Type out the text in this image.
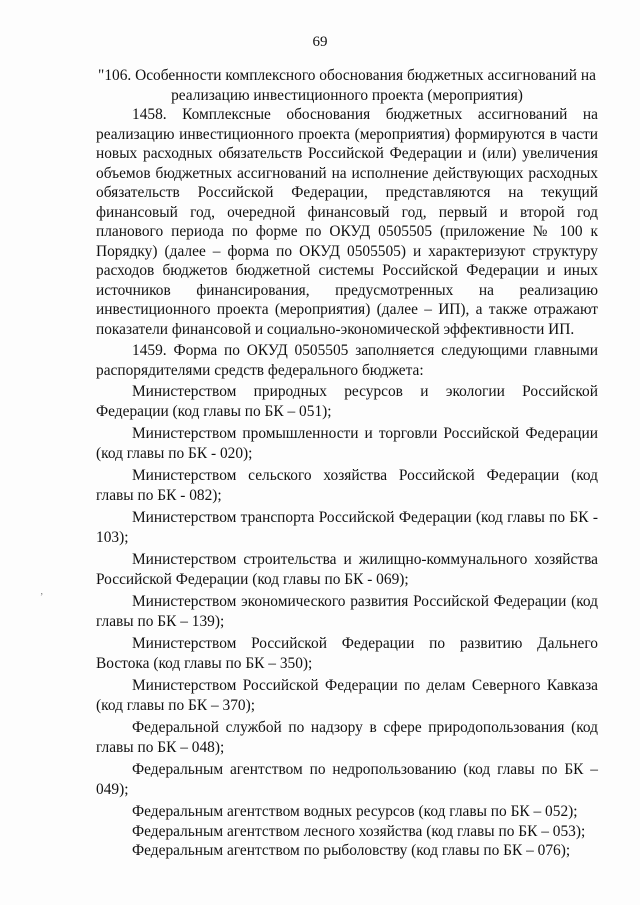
69

"106. Особенности комплексного обоснования бюджетных ассигнований на реализацию инвестиционного проекта (мероприятия)

1458. Комплексные обоснования бюджетных ассигнований на реализацию инвестиционного проекта (мероприятия) формируются в части новых расходных обязательств Российской Федерации и (или) увеличения объемов бюджетных ассигнований на исполнение действующих расходных обязательств Российской Федерации, представляются на текущий финансовый год, очередной финансовый год, первый и второй год планового периода по форме по ОКУД 0505505 (приложение № 100 к Порядку) (далее – форма по ОКУД 0505505) и характеризуют структуру расходов бюджетов бюджетной системы Российской Федерации и иных источников финансирования, предусмотренных на реализацию инвестиционного проекта (мероприятия) (далее – ИП), а также отражают показатели финансовой и социально-экономической эффективности ИП.

1459. Форма по ОКУД 0505505 заполняется следующими главными распорядителями средств федерального бюджета:

Министерством природных ресурсов и экологии Российской Федерации (код главы по БК – 051);

Министерством промышленности и торговли Российской Федерации (код главы по БК - 020);

Министерством сельского хозяйства Российской Федерации (код главы по БК - 082);

Министерством транспорта Российской Федерации (код главы по БК - 103);

Министерством строительства и жилищно-коммунального хозяйства Российской Федерации (код главы по БК - 069);

Министерством экономического развития Российской Федерации (код главы по БК – 139);

Министерством Российской Федерации по развитию Дальнего Востока (код главы по БК – 350);

Министерством Российской Федерации по делам Северного Кавказа (код главы по БК – 370);

Федеральной службой по надзору в сфере природопользования (код главы по БК – 048);

Федеральным агентством по недропользованию (код главы по БК – 049);

Федеральным агентством водных ресурсов (код главы по БК – 052);

Федеральным агентством лесного хозяйства (код главы по БК – 053);

Федеральным агентством по рыболовству (код главы по БК – 076);

ʼ
